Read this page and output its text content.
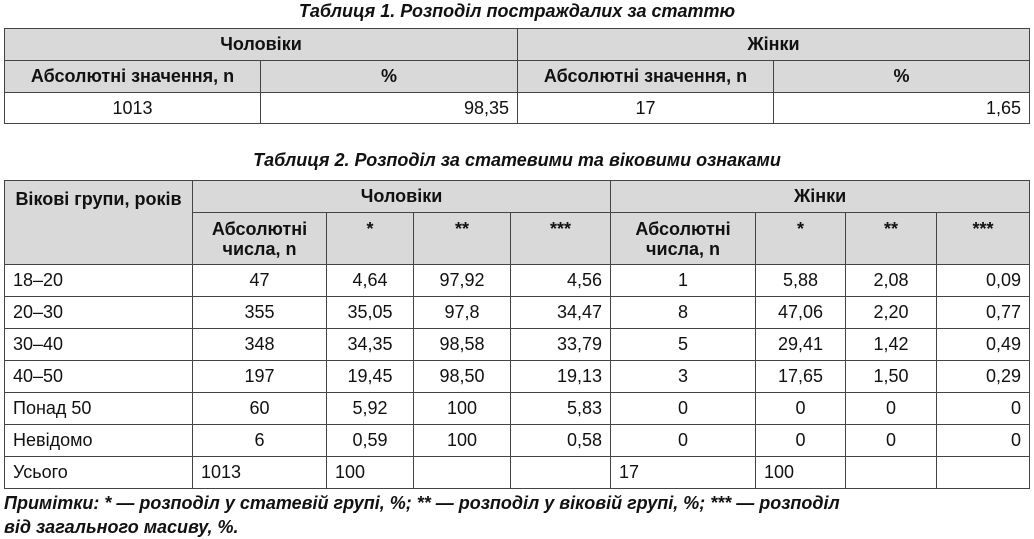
Таблиця 1. Розподіл постраждалих за статтю
Чоловіки		Жінки	
Абсолютні значення, n	%	Абсолютні значення, n	%
1013	98,35	17	1,65
Таблиця 2. Розподіл за статевими та віковими ознаками
Вікові групи, років	Чоловіки				Жінки			
	Абсолютні числа, n	*	**	***	Абсолютні числа, n	*	**	***
18–20	47	4,64	97,92	4,56	1	5,88	2,08	0,09
20–30	355	35,05	97,8	34,47	8	47,06	2,20	0,77
30–40	348	34,35	98,58	33,79	5	29,41	1,42	0,49
40–50	197	19,45	98,50	19,13	3	17,65	1,50	0,29
Понад 50	60	5,92	100	5,83	0	0	0	0
Невідомо	6	0,59	100	0,58	0	0	0	0
Усього	1013	100			17	100		
Примітки: * — розподіл у статевій групі, %; ** — розподіл у віковій групі, %; *** — розподіл
від загального масиву, %.
